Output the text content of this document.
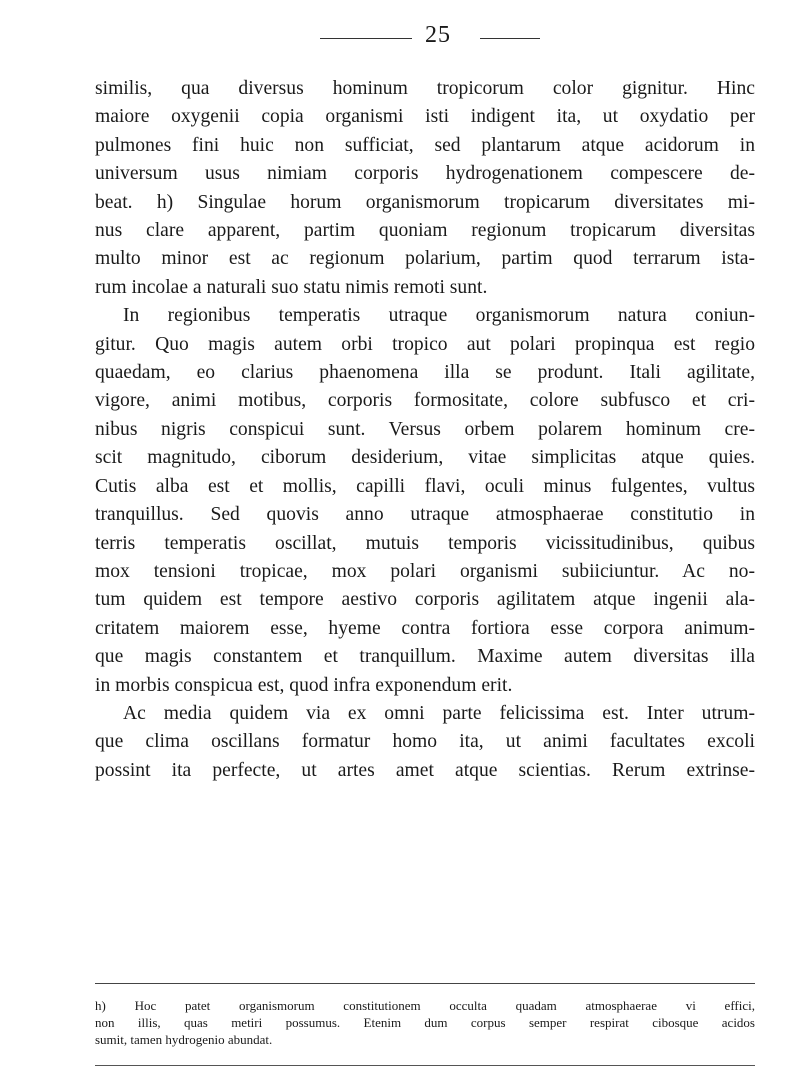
25
similis, qua diversus hominum tropicorum color gignitur. Hinc
maiore oxygenii copia organismi isti indigent ita, ut oxydatio per
pulmones fini huic non sufficiat, sed plantarum atque acidorum in
universum usus nimiam corporis hydrogenationem compescere de-
beat. h) Singulae horum organismorum tropicarum diversitates mi-
nus clare apparent, partim quoniam regionum tropicarum diversitas
multo minor est ac regionum polarium, partim quod terrarum ista-
rum incolae a naturali suo statu nimis remoti sunt.
In regionibus temperatis utraque organismorum natura coniun-
gitur. Quo magis autem orbi tropico aut polari propinqua est regio
quaedam, eo clarius phaenomena illa se produnt. Itali agilitate,
vigore, animi motibus, corporis formositate, colore subfusco et cri-
nibus nigris conspicui sunt. Versus orbem polarem hominum cre-
scit magnitudo, ciborum desiderium, vitae simplicitas atque quies.
Cutis alba est et mollis, capilli flavi, oculi minus fulgentes, vultus
tranquillus. Sed quovis anno utraque atmosphaerae constitutio in
terris temperatis oscillat, mutuis temporis vicissitudinibus, quibus
mox tensioni tropicae, mox polari organismi subiiciuntur. Ac no-
tum quidem est tempore aestivo corporis agilitatem atque ingenii ala-
critatem maiorem esse, hyeme contra fortiora esse corpora animum-
que magis constantem et tranquillum. Maxime autem diversitas illa
in morbis conspicua est, quod infra exponendum erit.
Ac media quidem via ex omni parte felicissima est. Inter utrum-
que clima oscillans formatur homo ita, ut animi facultates excoli
possint ita perfecte, ut artes amet atque scientias. Rerum extrinse-
h) Hoc patet organismorum constitutionem occulta quadam atmosphaerae vi effici,
non illis, quas metiri possumus. Etenim dum corpus semper respirat cibosque acidos
sumit, tamen hydrogenio abundat.
